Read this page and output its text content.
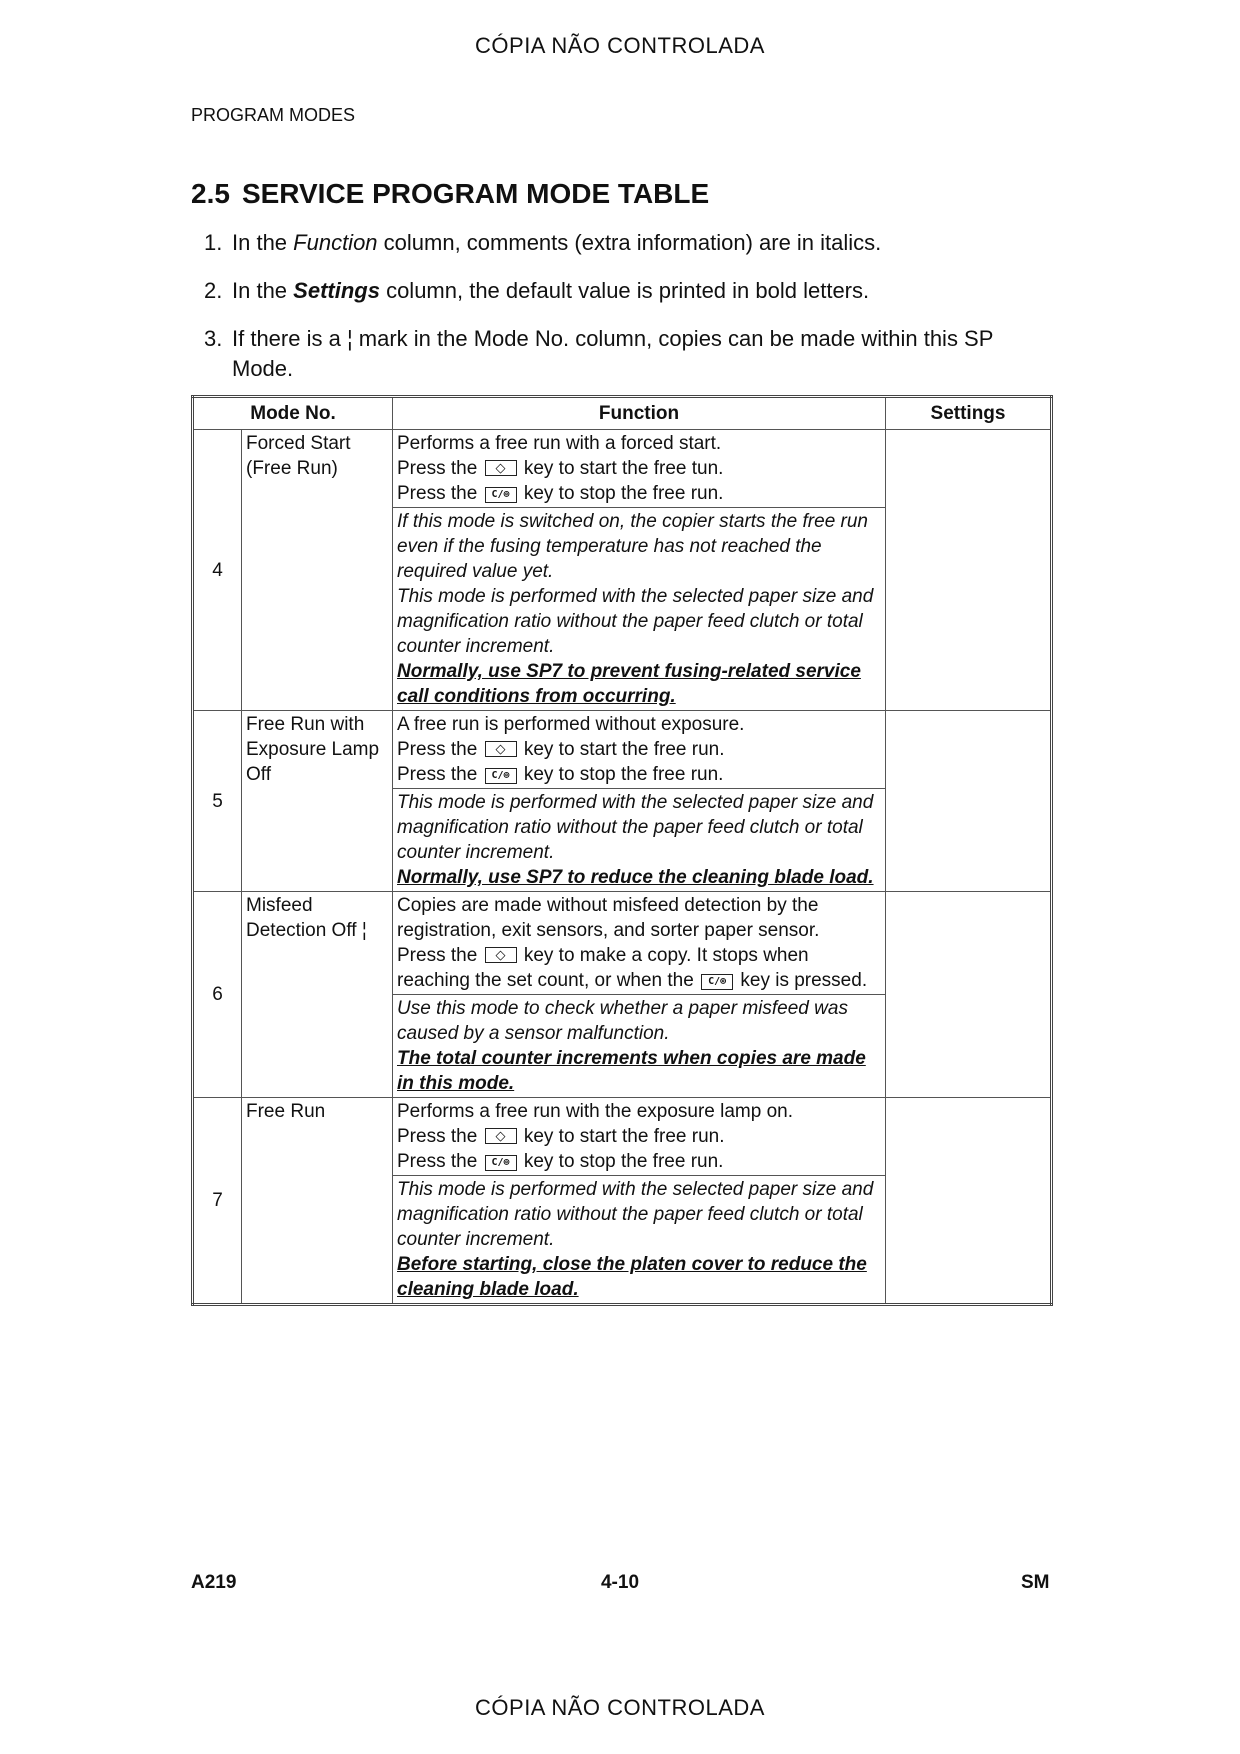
CÓPIA NÃO CONTROLADA
PROGRAM MODES
2.5 SERVICE PROGRAM MODE TABLE
1. In the Function column, comments (extra information) are in italics.
2. In the Settings column, the default value is printed in bold letters.
3. If there is a ¦ mark in the Mode No. column, copies can be made within this SP Mode.
Mode No.		Function	Settings
4	Forced Start (Free Run)	Performs a free run with a forced start.
Press the ◇ key to start the free tun.
Press the C/⊚ key to stop the free run.

		If this mode is switched on, the copier starts the free run even if the fusing temperature has not reached the required value yet.
This mode is performed with the selected paper size and magnification ratio without the paper feed clutch or total counter increment.
Normally, use SP7 to prevent fusing-related service call conditions from occurring.	

5	Free Run with Exposure Lamp Off	A free run is performed without exposure.
Press the ◇ key to start the free run.
Press the C/⊚ key to stop the free run.

		This mode is performed with the selected paper size and magnification ratio without the paper feed clutch or total counter increment.
Normally, use SP7 to reduce the cleaning blade load.	

6	Misfeed Detection Off ¦	Copies are made without misfeed detection by the registration, exit sensors, and sorter paper sensor.
Press the ◇ key to make a copy. It stops when reaching the set count, or when the C/⊚ key is pressed.

		Use this mode to check whether a paper misfeed was caused by a sensor malfunction.
The total counter increments when copies are made in this mode.	

7	Free Run	Performs a free run with the exposure lamp on.
Press the ◇ key to start the free run.
Press the C/⊚ key to stop the free run.

		This mode is performed with the selected paper size and magnification ratio without the paper feed clutch or total counter increment.
Before starting, close the platen cover to reduce the cleaning blade load.	
A219	4-10	SM
CÓPIA NÃO CONTROLADA
